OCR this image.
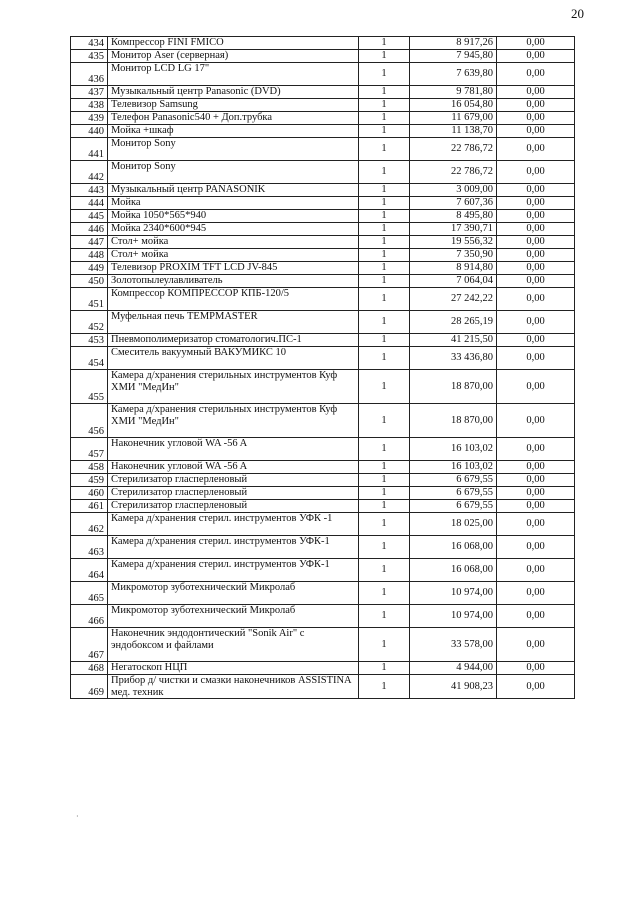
20
434	Компрессор FINI FMICO	1	8 917,26	0,00
435	Монитор Aser (серверная)	1	7 945,80	0,00
436	Монитор LCD LG 17"	1	7 639,80	0,00
437	Музыкальный центр Panasonic (DVD)	1	9 781,80	0,00
438	Телевизор Samsung	1	16 054,80	0,00
439	Телефон Panasonic540 + Доп.трубка	1	11 679,00	0,00
440	Мойка +шкаф	1	11 138,70	0,00
441	Монитор Sony	1	22 786,72	0,00
442	Монитор Sony	1	22 786,72	0,00
443	Музыкальный центр PANASONIK	1	3 009,00	0,00
444	Мойка	1	7 607,36	0,00
445	Мойка 1050*565*940	1	8 495,80	0,00
446	Мойка 2340*600*945	1	17 390,71	0,00
447	Стол+ мойка	1	19 556,32	0,00
448	Стол+ мойка	1	7 350,90	0,00
449	Телевизор PROXIM TFT LCD JV-845	1	8 914,80	0,00
450	Золотопылеулавливатель	1	7 064,04	0,00
451	Компрессор КОМПРЕССОР КПБ-120/5	1	27 242,22	0,00
452	Муфельная печь TEMPMASTER	1	28 265,19	0,00
453	Пневмополимеризатор стоматологич.ПС-1	1	41 215,50	0,00
454	Смеситель вакуумный ВАКУМИКС 10	1	33 436,80	0,00
455	Камера д/хранения стерильных инструментов Куф ХМИ "МедИн"	1	18 870,00	0,00
456	Камера д/хранения стерильных инструментов Куф ХМИ "МедИн"	1	18 870,00	0,00
457	Наконечник угловой WA -56 A	1	16 103,02	0,00
458	Наконечник угловой WA -56 A	1	16 103,02	0,00
459	Стерилизатор гласперленовый	1	6 679,55	0,00
460	Стерилизатор гласперленовый	1	6 679,55	0,00
461	Стерилизатор гласперленовый	1	6 679,55	0,00
462	Камера д/хранения стерил. инструментов УФК -1	1	18 025,00	0,00
463	Камера д/хранения стерил. инструментов УФК-1	1	16 068,00	0,00
464	Камера д/хранения стерил. инструментов УФК-1	1	16 068,00	0,00
465	Микромотор зуботехнический Микролаб	1	10 974,00	0,00
466	Микромотор зуботехнический Микролаб	1	10 974,00	0,00
467	Наконечник эндодонтический "Sonik Air" с эндобоксом и файлами	1	33 578,00	0,00
468	Негатоскоп НЦП	1	4 944,00	0,00
469	Прибор д/ чистки и смазки наконечников ASSISTINA мед. техник	1	41 908,23	0,00
·
